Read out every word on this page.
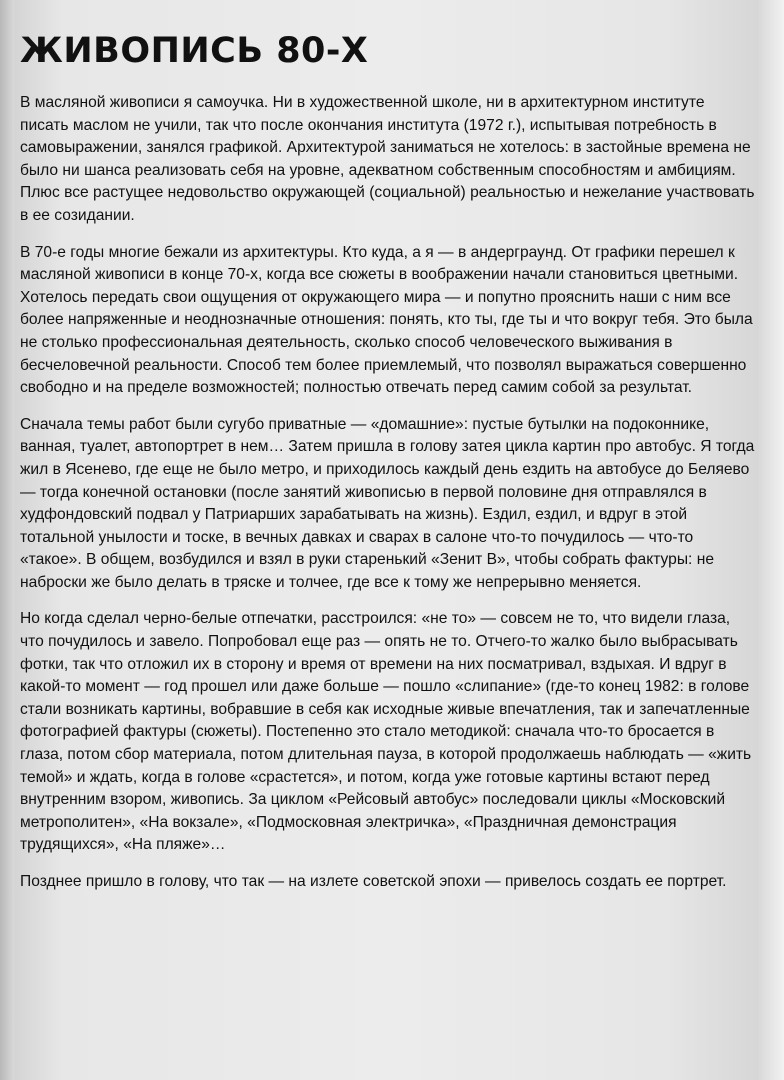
ЖИВОПИСЬ 80-Х

В масляной живописи я самоучка. Ни в художественной школе, ни в архитектурном институте писать маслом не учили, так что после окончания института (1972 г.), испытывая потребность в самовыражении, занялся графикой. Архитектурой заниматься не хотелось: в застойные времена не было ни шанса реализовать себя на уровне, адекватном собственным способностям и амбициям. Плюс все растущее недовольство окружающей (социальной) реальностью и нежелание участвовать в ее созидании.

В 70-е годы многие бежали из архитектуры. Кто куда, а я — в андерграунд. От графики перешел к масляной живописи в конце 70-х, когда все сюжеты в воображении начали становиться цветными. Хотелось передать свои ощущения от окружающего мира — и попутно прояснить наши с ним все более напряженные и неоднозначные отношения: понять, кто ты, где ты и что вокруг тебя. Это была не столько профессиональная деятельность, сколько способ человеческого выживания в бесчеловечной реальности. Способ тем более приемлемый, что позволял выражаться совершенно свободно и на пределе возможностей; полностью отвечать перед самим собой за результат.

Сначала темы работ были сугубо приватные — «домашние»: пустые бутылки на подоконнике, ванная, туалет, автопортрет в нем… Затем пришла в голову затея цикла картин про автобус. Я тогда жил в Ясенево, где еще не было метро, и приходилось каждый день ездить на автобусе до Беляево — тогда конечной остановки (после занятий живописью в первой половине дня отправлялся в худфондовский подвал у Патриарших зарабатывать на жизнь). Ездил, ездил, и вдруг в этой тотальной унылости и тоске, в вечных давках и сварах в салоне что-то почудилось — что-то «такое». В общем, возбудился и взял в руки старенький «Зенит В», чтобы собрать фактуры: не наброски же было делать в тряске и толчее, где все к тому же непрерывно меняется.

Но когда сделал черно-белые отпечатки, расстроился: «не то» — совсем не то, что видели глаза, что почудилось и завело. Попробовал еще раз — опять не то. Отчего-то жалко было выбрасывать фотки, так что отложил их в сторону и время от времени на них посматривал, вздыхая. И вдруг в какой-то момент — год прошел или даже больше — пошло «слипание» (где-то конец 1982: в голове стали возникать картины, вобравшие в себя как исходные живые впечатления, так и запечатленные фотографией фактуры (сюжеты). Постепенно это стало методикой: сначала что-то бросается в глаза, потом сбор материала, потом длительная пауза, в которой продолжаешь наблюдать — «жить темой» и ждать, когда в голове «срастется», и потом, когда уже готовые картины встают перед внутренним взором, живопись. За циклом «Рейсовый автобус» последовали циклы «Московский метрополитен», «На вокзале», «Подмосковная электричка», «Праздничная демонстрация трудящихся», «На пляже»…

Позднее пришло в голову, что так — на излете советской эпохи — привелось создать ее портрет.
